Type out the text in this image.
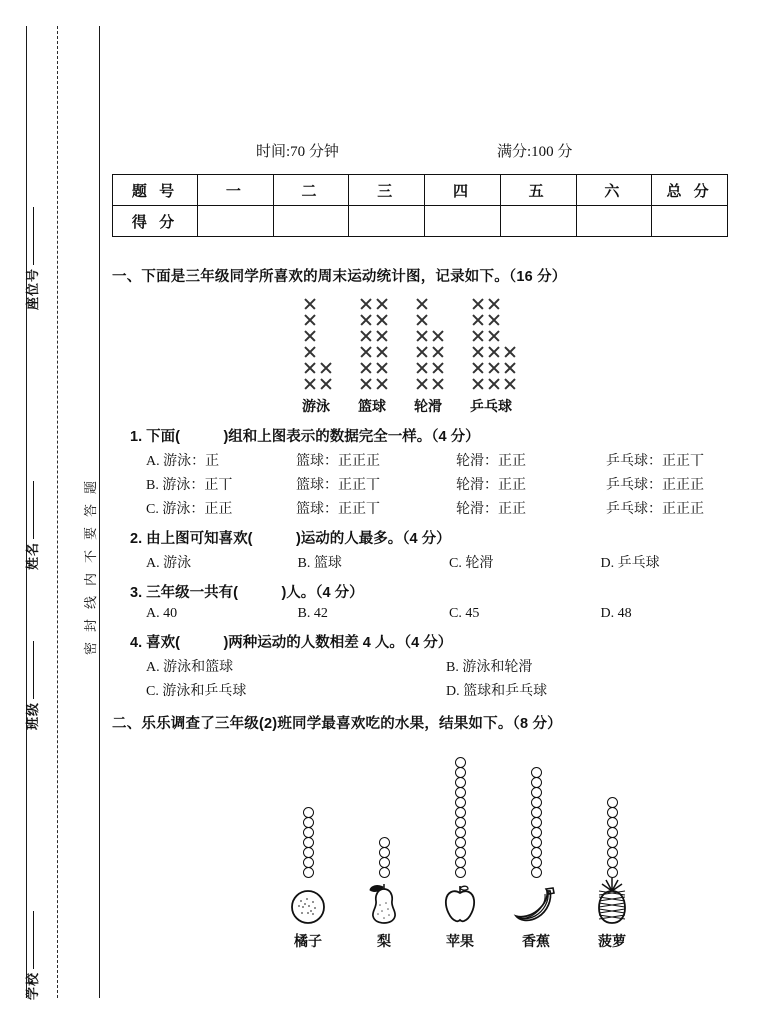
座位号
姓名
班级
学校
密封线内不要答题
时间:70 分钟	满分:100 分
题 号	一	二	三	四	五	六	总 分
得 分							
一、下面是三年级同学所喜欢的周末运动统计图，记录如下。（16 分）
游泳 篮球 轮滑 乒乓球
1. 下面(　　　)组和上图表示的数据完全一样。（4 分）
A. 游泳：正	篮球：正正正	轮滑：正正	乒乓球：正正丅
B. 游泳：正丅	篮球：正正丅	轮滑：正正	乒乓球：正正正
C. 游泳：正正	篮球：正正丅	轮滑：正正	乒乓球：正正正
2. 由上图可知喜欢(　　　)运动的人最多。（4 分）
A. 游泳	B. 篮球	C. 轮滑	D. 乒乓球
3. 三年级一共有(　　　)人。（4 分）
A. 40	B. 42	C. 45	D. 48
4. 喜欢(　　　)两种运动的人数相差 4 人。（4 分）
A. 游泳和篮球	B. 游泳和轮滑
C. 游泳和乒乓球	D. 篮球和乒乓球
二、乐乐调查了三年级(2)班同学最喜欢吃的水果，结果如下。（8 分）
橘子	梨	苹果	香蕉	菠萝
